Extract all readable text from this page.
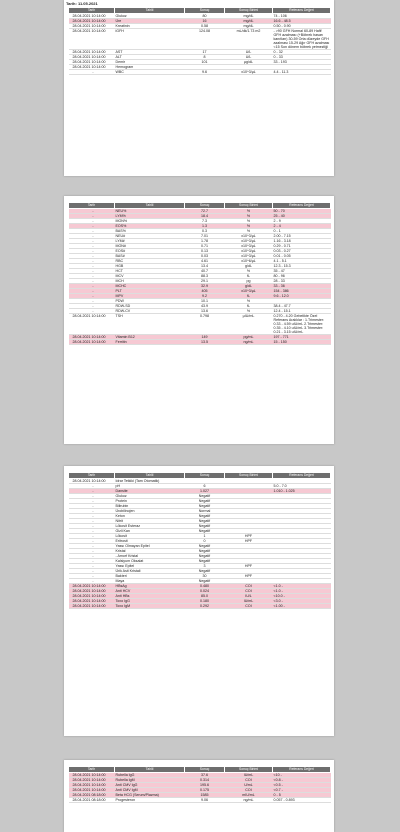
Tarih: 11.05.2021
Tarih	Tahlil	Sonuç	Sonuç Birimi	Referans Değeri
28.04.2021 10:14:00	Glukoz	80	mg/dL	74 - 106
28.04.2021 10:14:00	Üre	16	mg/dL	16.6 - 48.5
28.04.2021 10:14:00	Kreatinin	0.58	mg/dL	0.50 - 0.90
28.04.2021 10:14:00	iGFH	124.08	mL/dk/1.73 m2	- >90 GFH Normal 60-89 Hafif GFH azalması (+Böbrek hasarı kanıtları) 30-59 Orta düzeyde GFH azalması 15-29 Ağır GFH azalması <15 Son dönem böbrek yetmezliği
28.04.2021 10:14:00	AST	17	U/L	0 - 32
28.04.2021 10:14:00	ALT	8	U/L	0 - 33
28.04.2021 10:14:00	Demir	101	µg/dL	33 - 193
28.04.2021 10:14:00	Hemogram			
-	WBC	9.6	x10^3/µL	4.4 - 11.3
Tarih	Tahlil	Sonuç	Sonuç Birimi	Referans Değeri
-	NEU%	72.7	%	50 - 70
-	LYM%	18.4	%	25 - 40
-	MON%	7.3	%	2 - 9
-	EOS%	1.3	%	2 - 4
-	BAS%	0.3	%	0 - 1
-	NEU#	7.01	x10^3/µL	2.00 - 7.15
-	LYM#	1.78	x10^3/µL	1.16 - 3.18
-	MON#	0.71	x10^3/µL	0.29 - 0.71
-	EOS#	0.13	x10^3/µL	0.03 - 0.27
-	BAS#	0.03	x10^3/µL	0.01 - 0.05
-	RBC	4.61	x10^6/µL	4.1 - 5.1
-	HGB	13.4	g/dL	12.3 - 15.3
-	HCT	40.7	%	35 - 47
-	MCV	88.3	fL	80 - 96
-	MCH	29.1	pg	28 - 33
-	MCHC	32.9	g/dL	33 - 36
-	PLT	405	x10^3/µL	154 - 386
-	MPV	9.2	fL	9.6 - 12.0
-	PDW	10.1	%	
-	RDW-SD	43.9	fL	38.4 - 47.7
-	RDW-CV	13.6	%	12.4 - 15.1
28.04.2021 10:14:00	TSH	0.798	µIU/mL	0.270 - 4.20 Gebelikte Özel Referans Aralıklar : 1.Trimester: 0.33 - 4.59 uIU/mL 2.Trimester: 0.35 - 4.10 uIU/mL 3.Trimester: 0.21 - 3.15 uIU/mL
28.04.2021 10:14:00	Vitamin B12	149	pg/mL	197 - 771
28.04.2021 10:14:00	Ferritin	13.5	ng/mL	15 - 150
Tarih	Tahlil	Sonuç	Sonuç Birimi	Referans Değeri
28.04.2021 10:14:00	İdrar Tetkiki (Tam Otomatik)			
-	pH	6		5.0 - 7.0
-	Dansite	1.027		1.010 - 1.025
-	Glukoz	Negatif		
-	Protein	Negatif		
-	Bilirubin	Negatif		
-	Ürobilinojen	Normal		
-	Keton	Negatif		
-	Nitrit	Negatif		
-	Lökosit Esteraz	Negatif		
-	Gizli Kan	Negatif		
-	Lökosit	1	HPF	
-	Eritrosit	0	HPF	
-	Yassı Olmayan Epitel	Negatif		
-	Kristal	Negatif		
-	- Amorf Kristal	Negatif		
-	Kalsiyum Oksalat	Negatif		
-	Yassı Epitel	3	HPF	
-	Ürik Asit Kristali	Negatif		
-	Bakteri	30	HPF	
-	Maya	Negatif		
28.04.2021 10:14:00	HBsAg	0.480	COI	<1.0 -
28.04.2021 10:14:00	Anti HCV	0.024	COI	<1.0 -
28.04.2021 10:14:00	Anti HBs	85.0	IU/L	<10.0 -
28.04.2021 10:14:00	Toxo IgG	0.180	IU/mL	<3.0 -
28.04.2021 10:14:00	Toxo IgM	0.292	COI	<1.00 -
Tarih	Tahlil	Sonuç	Sonuç Birimi	Referans Değeri
28.04.2021 10:14:00	Rubella IgG	37.6	IU/mL	<10 -
28.04.2021 10:14:00	Rubella IgM	0.314	COI	<0.8 -
28.04.2021 10:14:00	Anti CMV IgG	195.6	U/mL	<0.5 -
28.04.2021 10:14:00	Anti CMV IgM	0.175	COI	<0.7 -
28.04.2021 08:18:00	Beta HCG (Serum/Plazma)	1585	mIU/mL	0 - 5
28.04.2021 08:18:00	Progesteron	9.06	ng/mL	0.057 - 0.893
